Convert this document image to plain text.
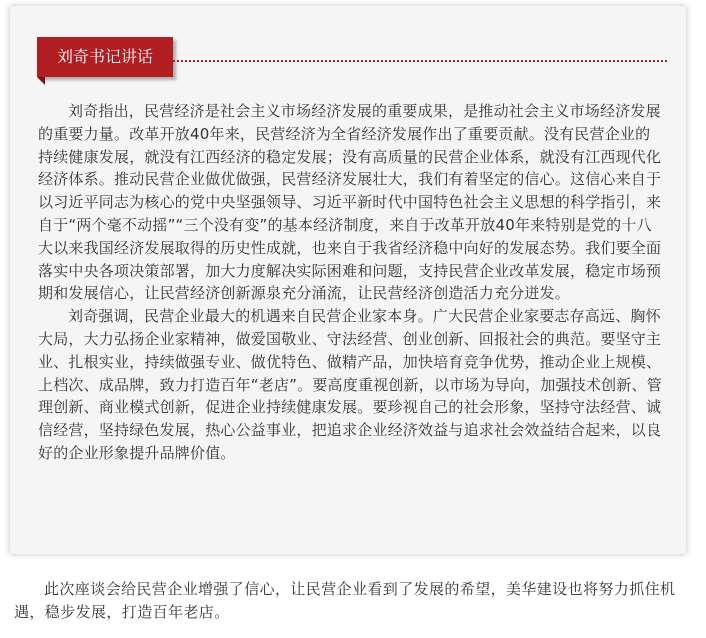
刘奇书记讲话

刘奇指出，民营经济是社会主义市场经济发展的重要成果，是推动社会主义市场经济发展的重要力量。改革开放40年来，民营经济为全省经济发展作出了重要贡献。没有民营企业的持续健康发展，就没有江西经济的稳定发展；没有高质量的民营企业体系，就没有江西现代化经济体系。推动民营企业做优做强，民营经济发展壮大，我们有着坚定的信心。这信心来自于以习近平同志为核心的党中央坚强领导、习近平新时代中国特色社会主义思想的科学指引，来自于“两个毫不动摇”“三个没有变”的基本经济制度，来自于改革开放40年来特别是党的十八大以来我国经济发展取得的历史性成就，也来自于我省经济稳中向好的发展态势。我们要全面落实中央各项决策部署，加大力度解决实际困难和问题，支持民营企业改革发展，稳定市场预期和发展信心，让民营经济创新源泉充分涌流，让民营经济创造活力充分迸发。

刘奇强调，民营企业最大的机遇来自民营企业家本身。广大民营企业家要志存高远、胸怀大局，大力弘扬企业家精神，做爱国敬业、守法经营、创业创新、回报社会的典范。要坚守主业、扎根实业，持续做强专业、做优特色、做精产品，加快培育竞争优势，推动企业上规模、上档次、成品牌，致力打造百年“老店”。要高度重视创新，以市场为导向，加强技术创新、管理创新、商业模式创新，促进企业持续健康发展。要珍视自己的社会形象，坚持守法经营、诚信经营，坚持绿色发展，热心公益事业，把追求企业经济效益与追求社会效益结合起来，以良好的企业形象提升品牌价值。

此次座谈会给民营企业增强了信心，让民营企业看到了发展的希望，美华建设也将努力抓住机遇，稳步发展，打造百年老店。
